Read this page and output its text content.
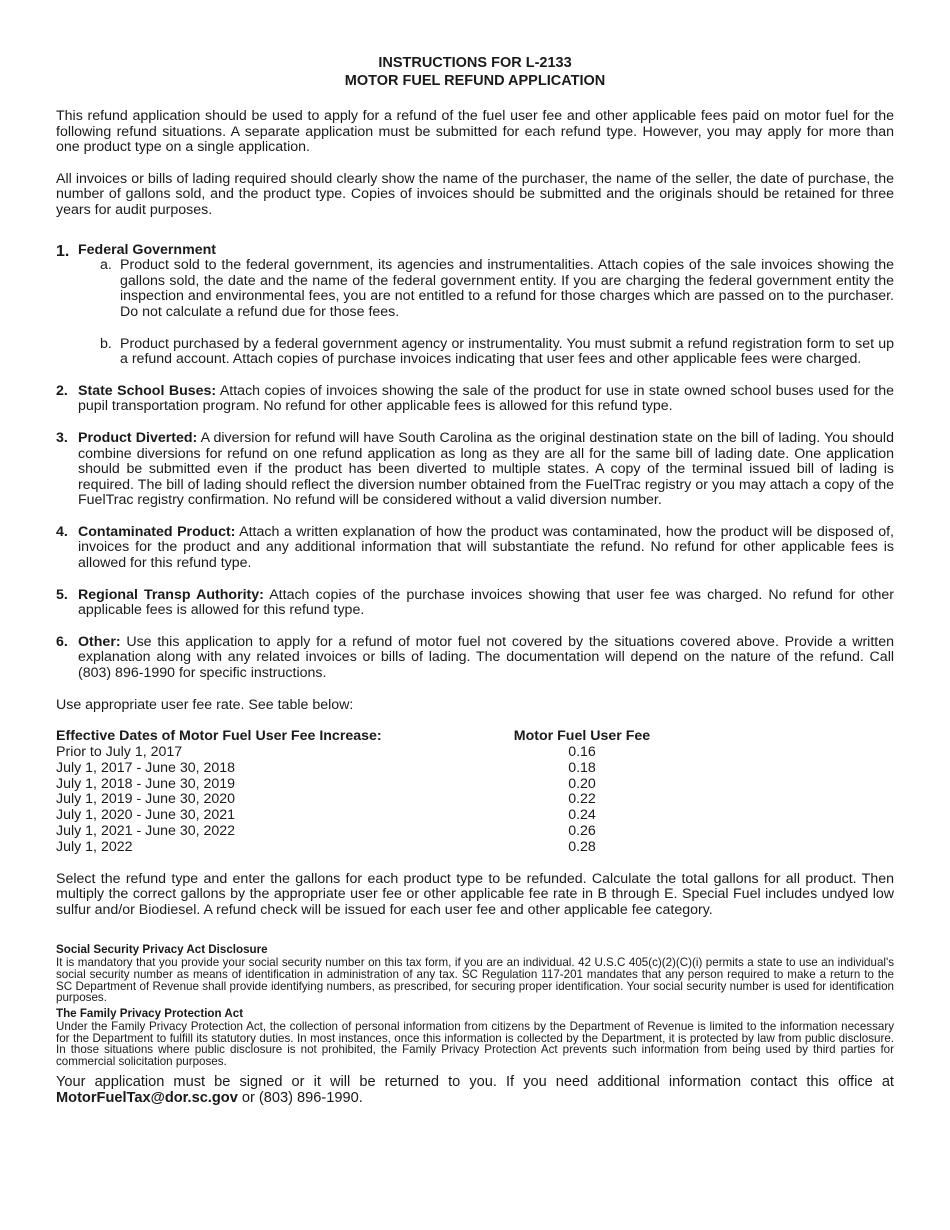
INSTRUCTIONS FOR L-2133
MOTOR FUEL REFUND APPLICATION

This refund application should be used to apply for a refund of the fuel user fee and other applicable fees paid on motor fuel for the following refund situations. A separate application must be submitted for each refund type. However, you may apply for more than one product type on a single application.

All invoices or bills of lading required should clearly show the name of the purchaser, the name of the seller, the date of purchase, the number of gallons sold, and the product type. Copies of invoices should be submitted and the originals should be retained for three years for audit purposes.

1. Federal Government
a. Product sold to the federal government, its agencies and instrumentalities. Attach copies of the sale invoices showing the gallons sold, the date and the name of the federal government entity. If you are charging the federal government entity the inspection and environmental fees, you are not entitled to a refund for those charges which are passed on to the purchaser. Do not calculate a refund due for those fees.
b. Product purchased by a federal government agency or instrumentality. You must submit a refund registration form to set up a refund account. Attach copies of purchase invoices indicating that user fees and other applicable fees were charged.
2. State School Buses: Attach copies of invoices showing the sale of the product for use in state owned school buses used for the pupil transportation program. No refund for other applicable fees is allowed for this refund type.
3. Product Diverted: A diversion for refund will have South Carolina as the original destination state on the bill of lading. You should combine diversions for refund on one refund application as long as they are all for the same bill of lading date. One application should be submitted even if the product has been diverted to multiple states. A copy of the terminal issued bill of lading is required. The bill of lading should reflect the diversion number obtained from the FuelTrac registry or you may attach a copy of the FuelTrac registry confirmation. No refund will be considered without a valid diversion number.
4. Contaminated Product: Attach a written explanation of how the product was contaminated, how the product will be disposed of, invoices for the product and any additional information that will substantiate the refund. No refund for other applicable fees is allowed for this refund type.
5. Regional Transp Authority: Attach copies of the purchase invoices showing that user fee was charged. No refund for other applicable fees is allowed for this refund type.
6. Other: Use this application to apply for a refund of motor fuel not covered by the situations covered above. Provide a written explanation along with any related invoices or bills of lading. The documentation will depend on the nature of the refund. Call (803) 896-1990 for specific instructions.

Use appropriate user fee rate. See table below:

Effective Dates of Motor Fuel User Fee Increase:	Motor Fuel User Fee
Prior to July 1, 2017	0.16
July 1, 2017 - June 30, 2018	0.18
July 1, 2018 - June 30, 2019	0.20
July 1, 2019 - June 30, 2020	0.22
July 1, 2020 - June 30, 2021	0.24
July 1, 2021 - June 30, 2022	0.26
July 1, 2022	0.28

Select the refund type and enter the gallons for each product type to be refunded. Calculate the total gallons for all product. Then multiply the correct gallons by the appropriate user fee or other applicable fee rate in B through E. Special Fuel includes undyed low sulfur and/or Biodiesel. A refund check will be issued for each user fee and other applicable fee category.

Social Security Privacy Act Disclosure

It is mandatory that you provide your social security number on this tax form, if you are an individual. 42 U.S.C 405(c)(2)(C)(i) permits a state to use an individual's social security number as means of identification in administration of any tax. SC Regulation 117-201 mandates that any person required to make a return to the SC Department of Revenue shall provide identifying numbers, as prescribed, for securing proper identification. Your social security number is used for identification purposes.

The Family Privacy Protection Act

Under the Family Privacy Protection Act, the collection of personal information from citizens by the Department of Revenue is limited to the information necessary for the Department to fulfill its statutory duties. In most instances, once this information is collected by the Department, it is protected by law from public disclosure. In those situations where public disclosure is not prohibited, the Family Privacy Protection Act prevents such information from being used by third parties for commercial solicitation purposes.

Your application must be signed or it will be returned to you. If you need additional information contact this office at MotorFuelTax@dor.sc.gov or (803) 896-1990.
